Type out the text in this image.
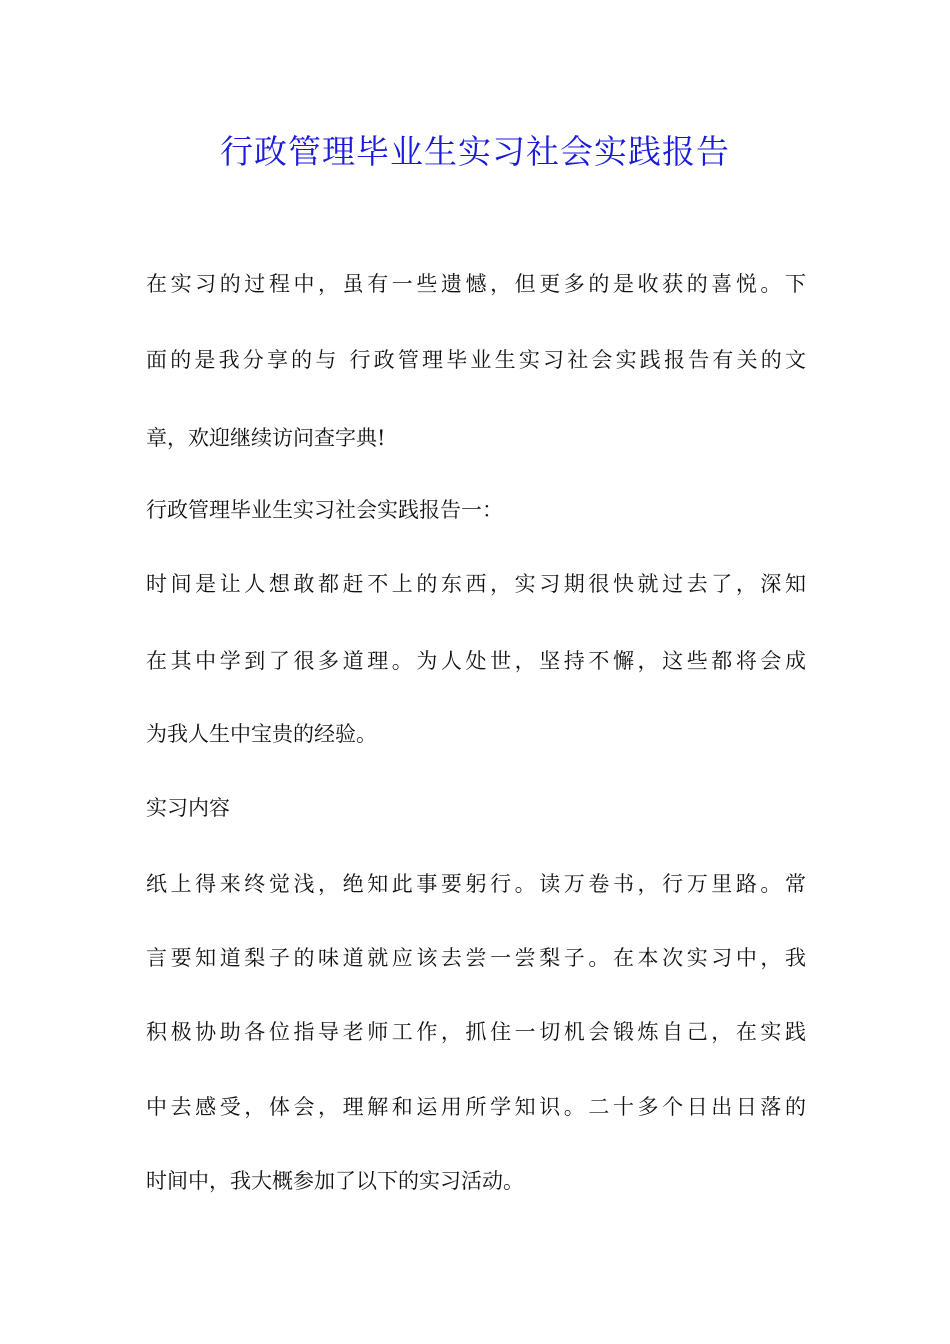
行政管理毕业生实习社会实践报告

在实习的过程中，虽有一些遗憾，但更多的是收获的喜悦。下

面的是我分享的与 行政管理毕业生实习社会实践报告有关的文

章，欢迎继续访问查字典!

行政管理毕业生实习社会实践报告一：

时间是让人想敢都赶不上的东西，实习期很快就过去了，深知

在其中学到了很多道理。为人处世，坚持不懈，这些都将会成

为我人生中宝贵的经验。

实习内容

纸上得来终觉浅，绝知此事要躬行。读万卷书，行万里路。常

言要知道梨子的味道就应该去尝一尝梨子。在本次实习中，我

积极协助各位指导老师工作，抓住一切机会锻炼自己，在实践

中去感受，体会，理解和运用所学知识。二十多个日出日落的

时间中，我大概参加了以下的实习活动。
